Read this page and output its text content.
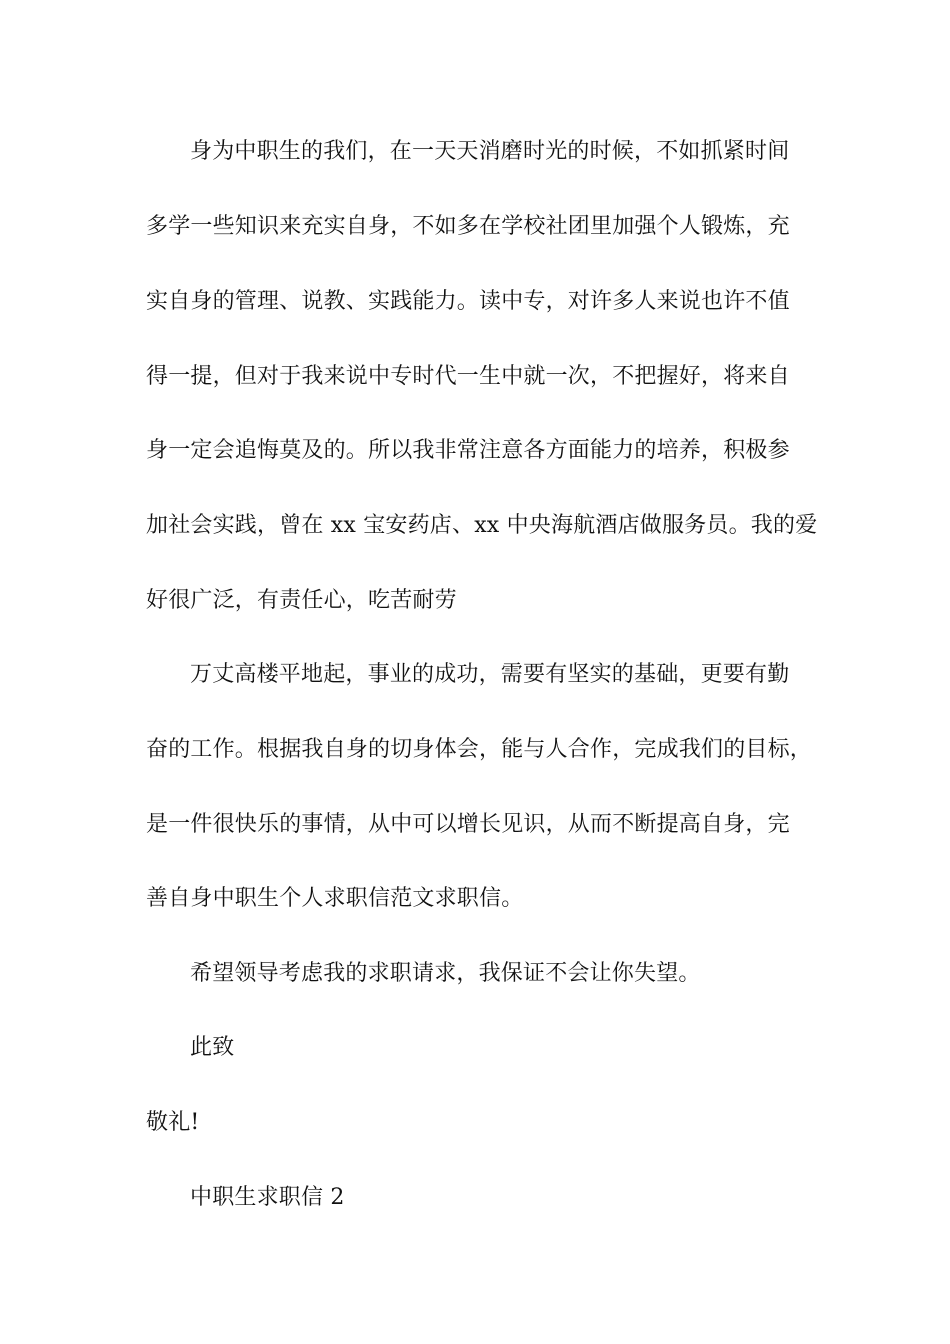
身为中职生的我们，在一天天消磨时光的时候，不如抓紧时间
多学一些知识来充实自身，不如多在学校社团里加强个人锻炼，充
实自身的管理、说教、实践能力。读中专，对许多人来说也许不值
得一提，但对于我来说中专时代一生中就一次，不把握好，将来自
身一定会追悔莫及的。所以我非常注意各方面能力的培养，积极参
加社会实践，曾在 xx 宝安药店、xx 中央海航酒店做服务员。我的爱
好很广泛，有责任心，吃苦耐劳
万丈高楼平地起，事业的成功，需要有坚实的基础，更要有勤
奋的工作。根据我自身的切身体会，能与人合作，完成我们的目标，
是一件很快乐的事情，从中可以增长见识，从而不断提高自身，完
善自身中职生个人求职信范文求职信。
希望领导考虑我的求职请求，我保证不会让你失望。
此致
敬礼!
中职生求职信 2
